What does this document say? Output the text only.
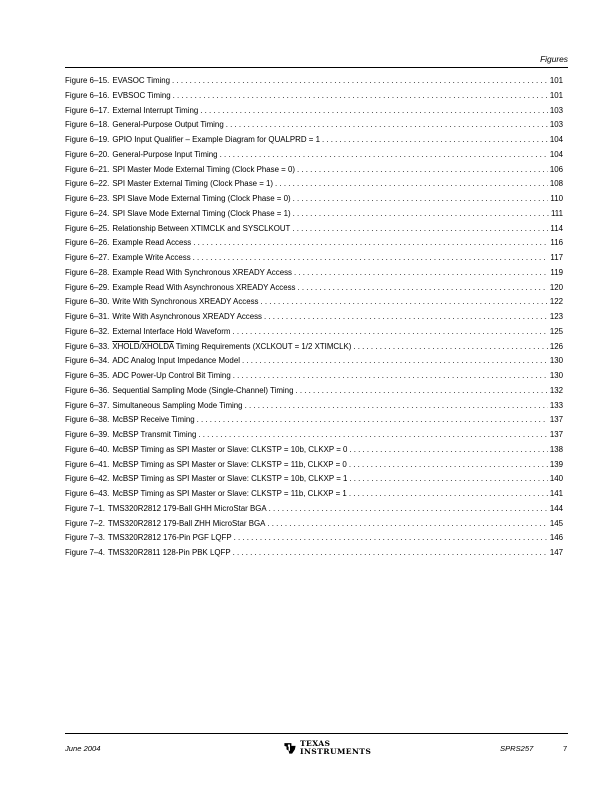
Figures
Figure 6–15. EVASOC Timing . . .	101
Figure 6–16. EVBSOC Timing . . .	101
Figure 6–17. External Interrupt Timing . . .	103
Figure 6–18. General-Purpose Output Timing . . .	103
Figure 6–19. GPIO Input Qualifier – Example Diagram for QUALPRD = 1 . . .	104
Figure 6–20. General-Purpose Input Timing . . .	104
Figure 6–21. SPI Master Mode External Timing (Clock Phase = 0) . . .	106
Figure 6–22. SPI Master External Timing (Clock Phase = 1) . . .	108
Figure 6–23. SPI Slave Mode External Timing (Clock Phase = 0) . . .	110
Figure 6–24. SPI Slave Mode External Timing (Clock Phase = 1) . . .	111
Figure 6–25. Relationship Between XTIMCLK and SYSCLKOUT . . .	114
Figure 6–26. Example Read Access . . .	116
Figure 6–27. Example Write Access . . .	117
Figure 6–28. Example Read With Synchronous XREADY Access . . .	119
Figure 6–29. Example Read With Asynchronous XREADY Access . . .	120
Figure 6–30. Write With Synchronous XREADY Access . . .	122
Figure 6–31. Write With Asynchronous XREADY Access . . .	123
Figure 6–32. External Interface Hold Waveform . . .	125
Figure 6–33. XHOLD/XHOLDA Timing Requirements (XCLKOUT = 1/2 XTIMCLK) . . .	126
Figure 6–34. ADC Analog Input Impedance Model . . .	130
Figure 6–35. ADC Power-Up Control Bit Timing . . .	130
Figure 6–36. Sequential Sampling Mode (Single-Channel) Timing . . .	132
Figure 6–37. Simultaneous Sampling Mode Timing . . .	133
Figure 6–38. McBSP Receive Timing . . .	137
Figure 6–39. McBSP Transmit Timing . . .	137
Figure 6–40. McBSP Timing as SPI Master or Slave: CLKSTP = 10b, CLKXP = 0 . . .	138
Figure 6–41. McBSP Timing as SPI Master or Slave: CLKSTP = 11b, CLKXP = 0 . . .	139
Figure 6–42. McBSP Timing as SPI Master or Slave: CLKSTP = 10b, CLKXP = 1 . . .	140
Figure 6–43. McBSP Timing as SPI Master or Slave: CLKSTP = 11b, CLKXP = 1 . . .	141
Figure 7–1. TMS320R2812 179-Ball GHH MicroStar BGA . . .	144
Figure 7–2. TMS320R2812 179-Ball ZHH MicroStar BGA . . .	145
Figure 7–3. TMS320R2812 176-Pin PGF LQFP . . .	146
Figure 7–4. TMS320R2811 128-Pin PBK LQFP . . .	147
June 2004
TEXAS
INSTRUMENTS	SPRS257	7
